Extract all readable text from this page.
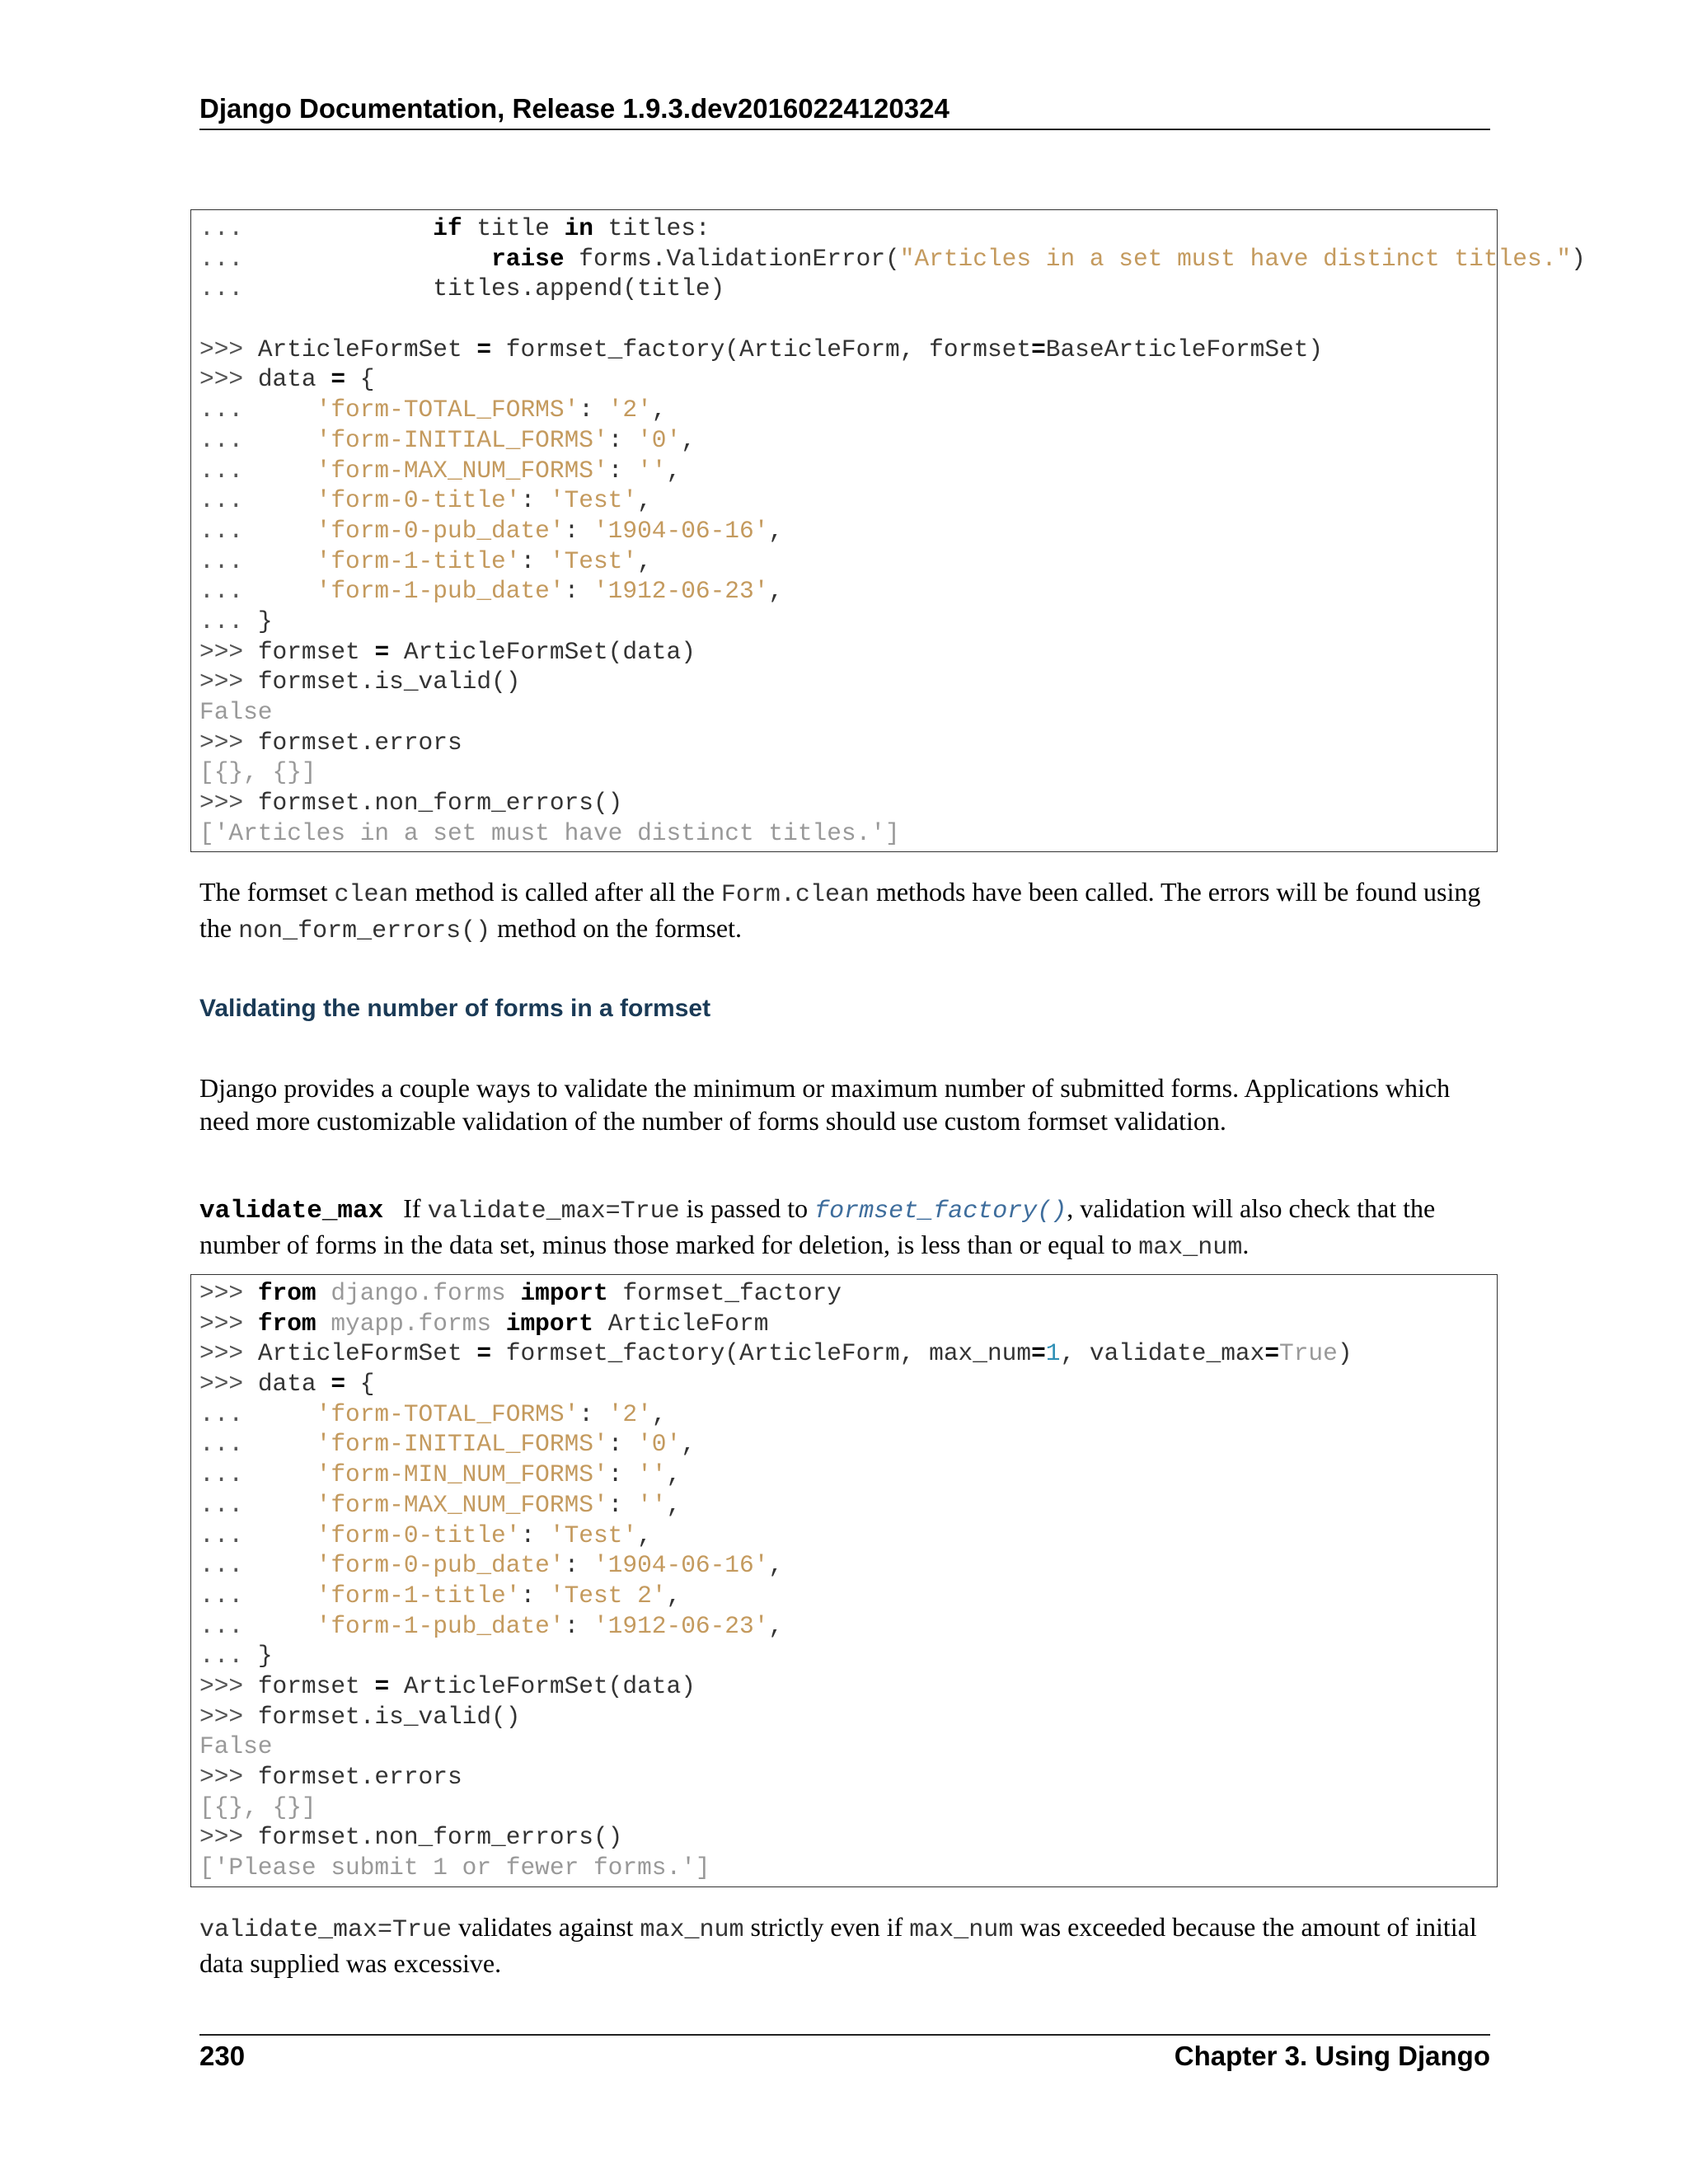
Django Documentation, Release 1.9.3.dev20160224120324
...             if title in titles:
...                 raise forms.ValidationError("Articles in a set must have distinct titles.")
...             titles.append(title)

>>> ArticleFormSet = formset_factory(ArticleForm, formset=BaseArticleFormSet)
>>> data = {
...     'form-TOTAL_FORMS': '2',
...     'form-INITIAL_FORMS': '0',
...     'form-MAX_NUM_FORMS': '',
...     'form-0-title': 'Test',
...     'form-0-pub_date': '1904-06-16',
...     'form-1-title': 'Test',
...     'form-1-pub_date': '1912-06-23',
... }
>>> formset = ArticleFormSet(data)
>>> formset.is_valid()
False
>>> formset.errors
[{}, {}]
>>> formset.non_form_errors()
['Articles in a set must have distinct titles.']
The formset clean method is called after all the Form.clean methods have been called. The errors will be found using the non_form_errors() method on the formset.
Validating the number of forms in a formset
Django provides a couple ways to validate the minimum or maximum number of submitted forms. Applications which need more customizable validation of the number of forms should use custom formset validation.
validate_max If validate_max=True is passed to formset_factory(), validation will also check that the number of forms in the data set, minus those marked for deletion, is less than or equal to max_num.
>>> from django.forms import formset_factory
>>> from myapp.forms import ArticleForm
>>> ArticleFormSet = formset_factory(ArticleForm, max_num=1, validate_max=True)
>>> data = {
...     'form-TOTAL_FORMS': '2',
...     'form-INITIAL_FORMS': '0',
...     'form-MIN_NUM_FORMS': '',
...     'form-MAX_NUM_FORMS': '',
...     'form-0-title': 'Test',
...     'form-0-pub_date': '1904-06-16',
...     'form-1-title': 'Test 2',
...     'form-1-pub_date': '1912-06-23',
... }
>>> formset = ArticleFormSet(data)
>>> formset.is_valid()
False
>>> formset.errors
[{}, {}]
>>> formset.non_form_errors()
['Please submit 1 or fewer forms.']
validate_max=True validates against max_num strictly even if max_num was exceeded because the amount of initial data supplied was excessive.
230	Chapter 3. Using Django
